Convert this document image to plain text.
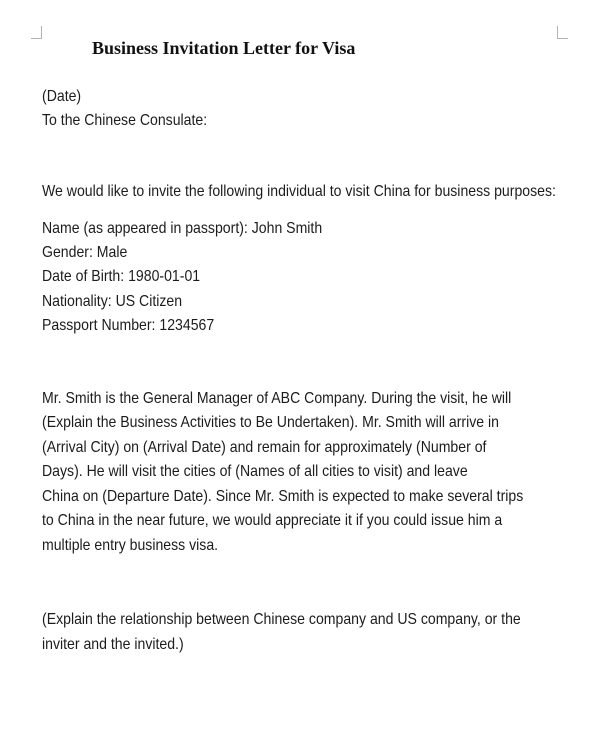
Business Invitation Letter for Visa
(Date)
To the Chinese Consulate:
We would like to invite the following individual to visit China for business purposes:
Name (as appeared in passport): John Smith
Gender: Male
Date of Birth: 1980-01-01
Nationality: US Citizen
Passport Number: 1234567
Mr. Smith is the General Manager of ABC Company. During the visit, he will
(Explain the Business Activities to Be Undertaken). Mr. Smith will arrive in
(Arrival City) on (Arrival Date) and remain for approximately (Number of
Days). He will visit the cities of (Names of all cities to visit) and leave
China on (Departure Date). Since Mr. Smith is expected to make several trips
to China in the near future, we would appreciate it if you could issue him a
multiple entry business visa.
(Explain the relationship between Chinese company and US company, or the
inviter and the invited.)
